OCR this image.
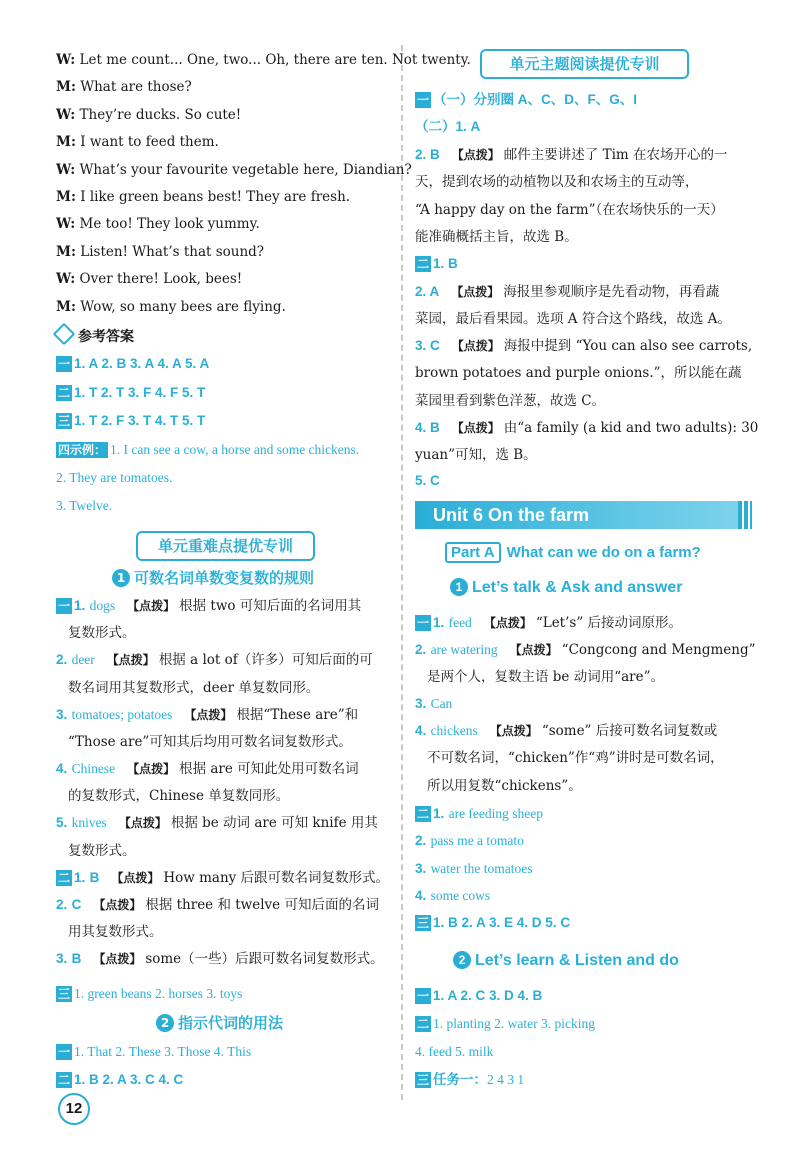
W: Let me count... One, two... Oh, there are ten. Not twenty.
M: What are those?
W: They’re ducks. So cute!
M: I want to feed them.
W: What’s your favourite vegetable here, Diandian?
M: I like green beans best! They are fresh.
W: Me too! They look yummy.
M: Listen! What’s that sound?
W: Over there! Look, bees!
M: Wow, so many bees are flying.
参考答案
一 1. A 2. B 3. A 4. A 5. A
二 1. T 2. T 3. F 4. F 5. T
三 1. T 2. F 3. T 4. T 5. T
四示例： 1. I can see a cow, a horse and some chickens.
2. They are tomatoes.
3. Twelve.
单元重难点提优专训
1 可数名词单数变复数的规则
一 1. dogs 【点拨】 根据 two 可知后面的名词用其
复数形式。
2. deer 【点拨】 根据 a lot of（许多）可知后面的可
数名词用其复数形式，deer 单复数同形。
3. tomatoes; potatoes 【点拨】 根据“These are”和
“Those are”可知其后均用可数名词复数形式。
4. Chinese 【点拨】 根据 are 可知此处用可数名词
的复数形式，Chinese 单复数同形。
5. knives 【点拨】 根据 be 动词 are 可知 knife 用其
复数形式。
二 1. B 【点拨】 How many 后跟可数名词复数形式。
2. C 【点拨】 根据 three 和 twelve 可知后面的名词
用其复数形式。
3. B 【点拨】 some（一些）后跟可数名词复数形式。
三 1. green beans 2. horses 3. toys
2 指示代词的用法
一 1. That 2. These 3. Those 4. This
二 1. B 2. A 3. C 4. C
单元主题阅读提优专训
一 （一）分别圈 A、C、D、F、G、I
（二）1. A
2. B 【点拨】 邮件主要讲述了 Tim 在农场开心的一
天，提到农场的动植物以及和农场主的互动等，
“A happy day on the farm”（在农场快乐的一天）
能准确概括主旨，故选 B。
二 1. B
2. A 【点拨】 海报里参观顺序是先看动物，再看蔬
菜园，最后看果园。选项 A 符合这个路线，故选 A。
3. C 【点拨】 海报中提到 “You can also see carrots,
brown potatoes and purple onions.”，所以能在蔬
菜园里看到紫色洋葱，故选 C。
4. B 【点拨】 由“a family (a kid and two adults): 30
yuan”可知，选 B。
5. C
Unit 6 On the farm
Part A What can we do on a farm?
1 Let’s talk & Ask and answer
一 1. feed 【点拨】 “Let’s” 后接动词原形。
2. are watering 【点拨】 “Congcong and Mengmeng”
是两个人，复数主语 be 动词用“are”。
3. Can
4. chickens 【点拨】 “some” 后接可数名词复数或
不可数名词，“chicken”作“鸡”讲时是可数名词，
所以用复数“chickens”。
二 1. are feeding sheep
2. pass me a tomato
3. water the tomatoes
4. some cows
三 1. B 2. A 3. E 4. D 5. C
2 Let’s learn & Listen and do
一 1. A 2. C 3. D 4. B
二 1. planting 2. water 3. picking
4. feed 5. milk
三 任务一：2 4 3 1
12
